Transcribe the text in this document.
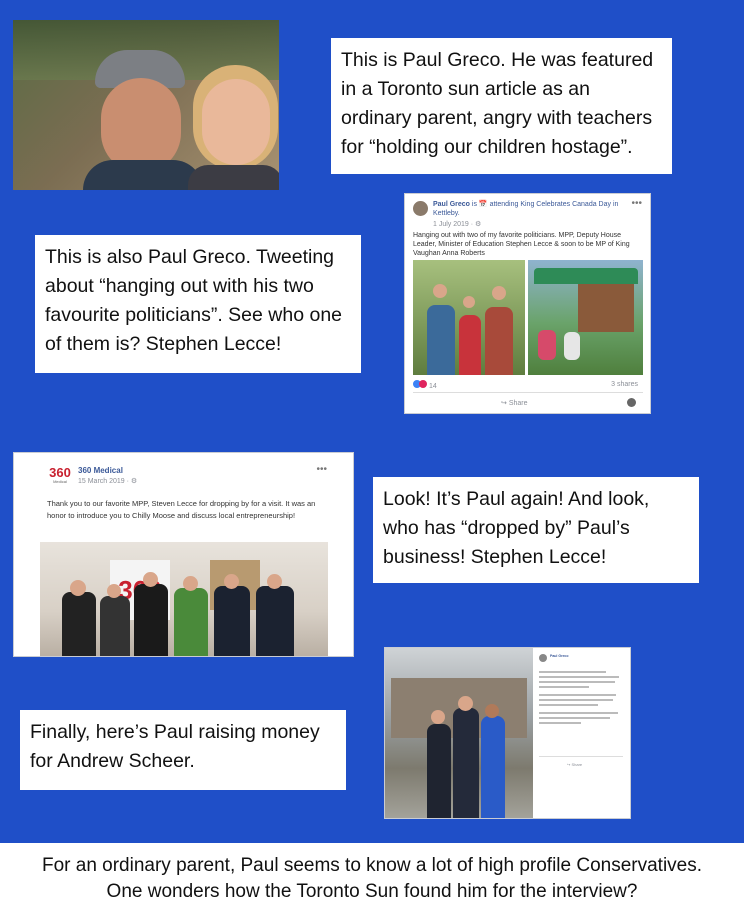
This is Paul Greco. He was featured in a Toronto sun article as an ordinary parent, angry with teachers for “holding our children hostage”.
Paul Greco is 📅 attending King Celebrates Canada Day in Kettleby.
1 July 2019 · ⚙
•••
Hanging out with two of my favorite politicians. MPP, Deputy House Leader, Minister of Education Stephen Lecce & soon to be MP of King Vaughan Anna Roberts
14	3 shares
↪ Share
This is also Paul Greco. Tweeting about “hanging out with his two favourite politicians”. See who one of them is? Stephen Lecce!
360
Medical
360 Medical
15 March 2019 · ⚙
•••
Thank you to our favorite MPP, Steven Lecce for dropping by for a visit. It was an honor to introduce you to Chilly Moose and discuss local entrepreneurship!
Look! It’s Paul again! And look, who has “dropped by” Paul’s business! Stephen Lecce!
Paul Greco
↪ Share
Finally, here’s Paul raising money for Andrew Scheer.
For an ordinary parent, Paul seems to know a lot of high profile Conservatives.
One wonders how the Toronto Sun found him for the interview?
